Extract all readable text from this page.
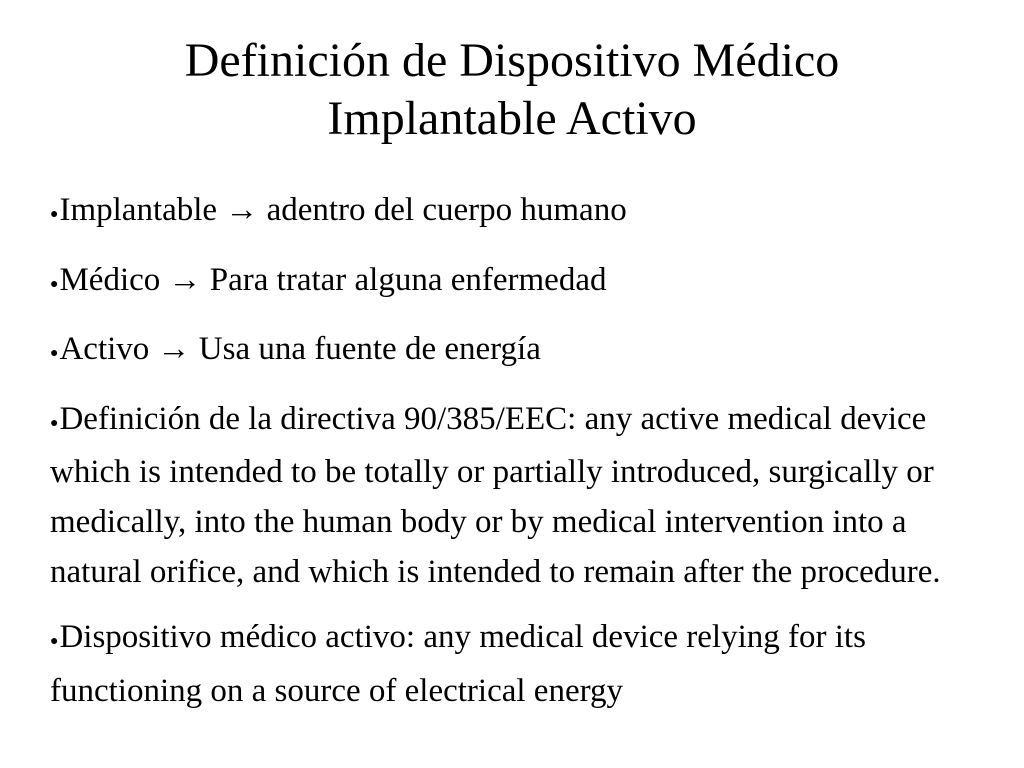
Definición de Dispositivo Médico
Implantable Activo
●Implantable → adentro del cuerpo humano
●Médico → Para tratar alguna enfermedad
●Activo → Usa una fuente de energía
●Definición de la directiva 90/385/EEC: any active medical device which is intended to be totally or partially introduced, surgically or medically, into the human body or by medical intervention into a natural orifice, and which is intended to remain after the procedure.
●Dispositivo médico activo: any medical device relying for its functioning on a source of electrical energy
